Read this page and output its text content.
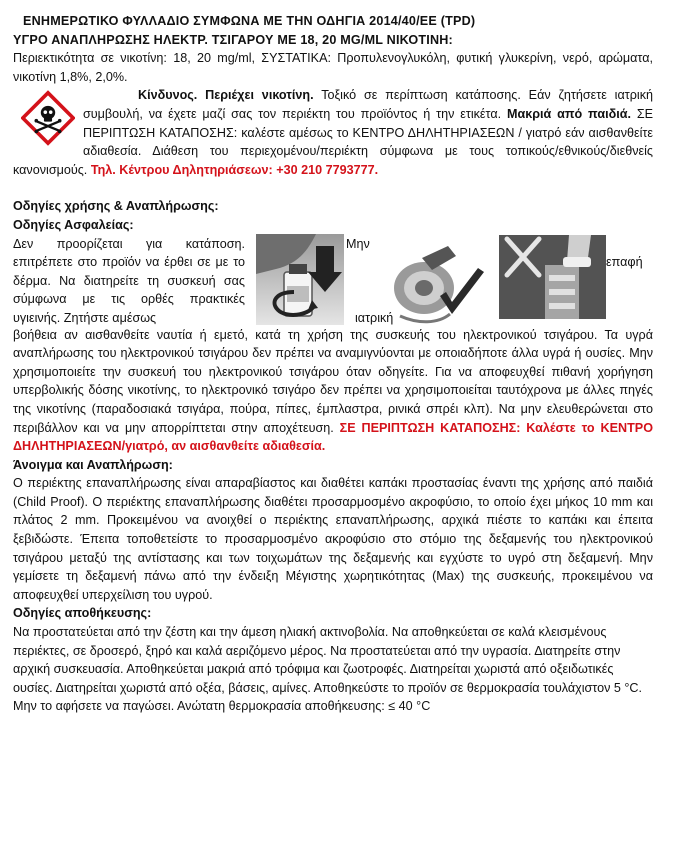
ΕΝΗΜΕΡΩΤΙΚΟ ΦΥΛΛΑΔΙΟ ΣΥΜΦΩΝΑ ΜΕ ΤΗΝ ΟΔΗΓΙΑ 2014/40/ΕΕ (TPD)
ΥΓΡΟ ΑΝΑΠΛΗΡΩΣΗΣ ΗΛΕΚΤΡ. ΤΣΙΓΑΡΟΥ ΜΕ 18, 20 MG/ML ΝΙΚΟΤΙΝΗ:

Περιεκτικότητα σε νικοτίνη: 18, 20 mg/ml, ΣΥΣΤΑΤΙΚΑ: Προπυλενογλυκόλη, φυτική γλυκερίνη, νερό, αρώματα, νικοτίνη 1,8%, 2,0%.

Κίνδυνος. Περιέχει νικοτίνη. Τοξικό σε περίπτωση κατάποσης. Εάν ζητήσετε ιατρική συμβουλή, να έχετε μαζί σας τον περιέκτη του προϊόντος ή την ετικέτα. Μακριά από παιδιά. ΣΕ ΠΕΡΙΠΤΩΣΗ ΚΑΤΑΠΟΣΗΣ: καλέστε αμέσως το ΚΕΝΤΡΟ ΔΗΛΗΤΗΡΙΑΣΕΩΝ / γιατρό εάν αισθανθείτε αδιαθεσία. Διάθεση του περιεχομένου/περιέκτη σύμφωνα με τους τοπικούς/εθνικούς/διεθνείς κανονισμούς. Τηλ. Κέντρου Δηλητηριάσεων: +30 210 7793777.

Οδηγίες χρήσης & Αναπλήρωσης:
Οδηγίες Ασφαλείας:

Δεν προορίζεται για κατάποση. επιτρέπετε στο προϊόν να έρθει σε με το δέρμα. Να διατηρείτε τη συσκευή σας σύμφωνα με τις ορθές πρακτικές υγιεινής. Ζητήστε αμέσως

Μην
επαφή
ιατρική

βοήθεια αν αισθανθείτε ναυτία ή εμετό, κατά τη χρήση της συσκευής του ηλεκτρονικού τσιγάρου. Τα υγρά αναπλήρωσης του ηλεκτρονικού τσιγάρου δεν πρέπει να αναμιγνύονται με οποιαδήποτε άλλα υγρά ή ουσίες. Μην χρησιμοποιείτε την συσκευή του ηλεκτρονικού τσιγάρου όταν οδηγείτε. Για να αποφευχθεί πιθανή χορήγηση υπερβολικής δόσης νικοτίνης, το ηλεκτρονικό τσιγάρο δεν πρέπει να χρησιμοποιείται ταυτόχρονα με άλλες πηγές της νικοτίνης (παραδοσιακά τσιγάρα, πούρα, πίπες, έμπλαστρα, ρινικά σπρέι κλπ). Να μην ελευθερώνεται στο περιβάλλον και να μην απορρίπτεται στην αποχέτευση. ΣΕ ΠΕΡΙΠΤΩΣΗ ΚΑΤΑΠΟΣΗΣ: Καλέστε το ΚΕΝΤΡΟ ΔΗΛΗΤΗΡΙΑΣΕΩΝ/γιατρό, αν αισθανθείτε αδιαθεσία.

Άνοιγμα και Αναπλήρωση:

Ο περιέκτης επαναπλήρωσης είναι απαραβίαστος και διαθέτει καπάκι προστασίας έναντι της χρήσης από παιδιά (Child Proof). Ο περιέκτης επαναπλήρωσης διαθέτει προσαρμοσμένο ακροφύσιο, το οποίο έχει μήκος 10 mm και πλάτος 2 mm. Προκειμένου να ανοιχθεί ο περιέκτης επαναπλήρωσης, αρχικά πιέστε το καπάκι και έπειτα ξεβιδώστε. Έπειτα τοποθετείστε το προσαρμοσμένο ακροφύσιο στο στόμιο της δεξαμενής του ηλεκτρονικού τσιγάρου μεταξύ της αντίστασης και των τοιχωμάτων της δεξαμενής και εγχύστε το υγρό στη δεξαμενή. Μην γεμίσετε τη δεξαμενή πάνω από την ένδειξη Μέγιστης χωρητικότητας (Max) της συσκευής, προκειμένου να αποφευχθεί υπερχείλιση του υγρού.

Οδηγίες αποθήκευσης:

Να προστατεύεται από την ζέστη και την άμεση ηλιακή ακτινοβολία. Να αποθηκεύεται σε καλά κλεισμένους περιέκτες, σε δροσερό, ξηρό και καλά αεριζόμενο μέρος. Να προστατεύεται από την υγρασία. Διατηρείτε στην αρχική συσκευασία. Αποθηκεύεται μακριά από τρόφιμα και ζωοτροφές. Διατηρείται χωριστά από οξειδωτικές ουσίες. Διατηρείται χωριστά από οξέα, βάσεις, αμίνες. Αποθηκεύστε το προϊόν σε θερμοκρασία τουλάχιστον 5 °C. Μην το αφήσετε να παγώσει. Ανώτατη θερμοκρασία αποθήκευσης: ≤ 40 °C
